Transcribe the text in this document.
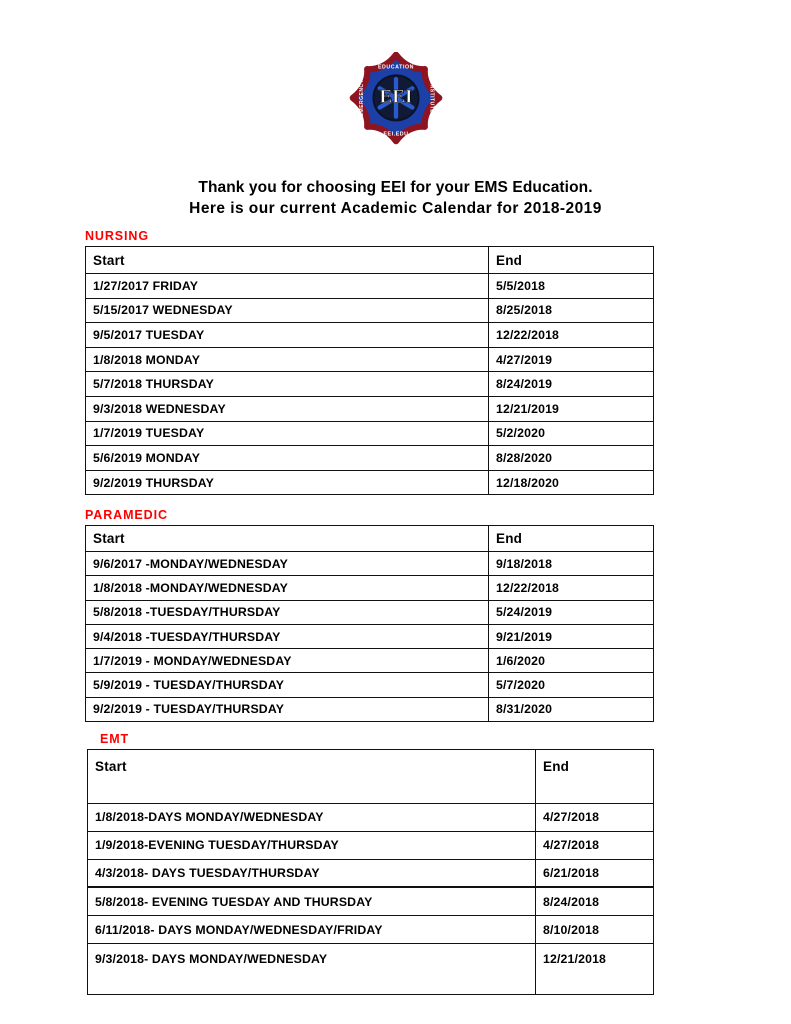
EEI
EDUCATION
EEI.EDU
EMERGENCY	INSTITUTE
Thank you for choosing EEI for your EMS Education.
Here is our current Academic Calendar for 2018-2019
NURSING
Start	End
1/27/2017 FRIDAY	5/5/2018
5/15/2017 WEDNESDAY	8/25/2018
9/5/2017 TUESDAY	12/22/2018
1/8/2018 MONDAY	4/27/2019
5/7/2018 THURSDAY	8/24/2019
9/3/2018 WEDNESDAY	12/21/2019
1/7/2019 TUESDAY	5/2/2020
5/6/2019 MONDAY	8/28/2020
9/2/2019 THURSDAY	12/18/2020
PARAMEDIC
Start	End
9/6/2017 -MONDAY/WEDNESDAY	9/18/2018
1/8/2018 -MONDAY/WEDNESDAY	12/22/2018
5/8/2018 -TUESDAY/THURSDAY	5/24/2019
9/4/2018 -TUESDAY/THURSDAY	9/21/2019
1/7/2019 - MONDAY/WEDNESDAY	1/6/2020
5/9/2019 - TUESDAY/THURSDAY	5/7/2020
9/2/2019 - TUESDAY/THURSDAY	8/31/2020
EMT
Start	End
1/8/2018-DAYS MONDAY/WEDNESDAY	4/27/2018
1/9/2018-EVENING TUESDAY/THURSDAY	4/27/2018
4/3/2018- DAYS TUESDAY/THURSDAY	6/21/2018
5/8/2018- EVENING TUESDAY AND THURSDAY	8/24/2018
6/11/2018- DAYS MONDAY/WEDNESDAY/FRIDAY	8/10/2018
9/3/2018- DAYS MONDAY/WEDNESDAY	12/21/2018
